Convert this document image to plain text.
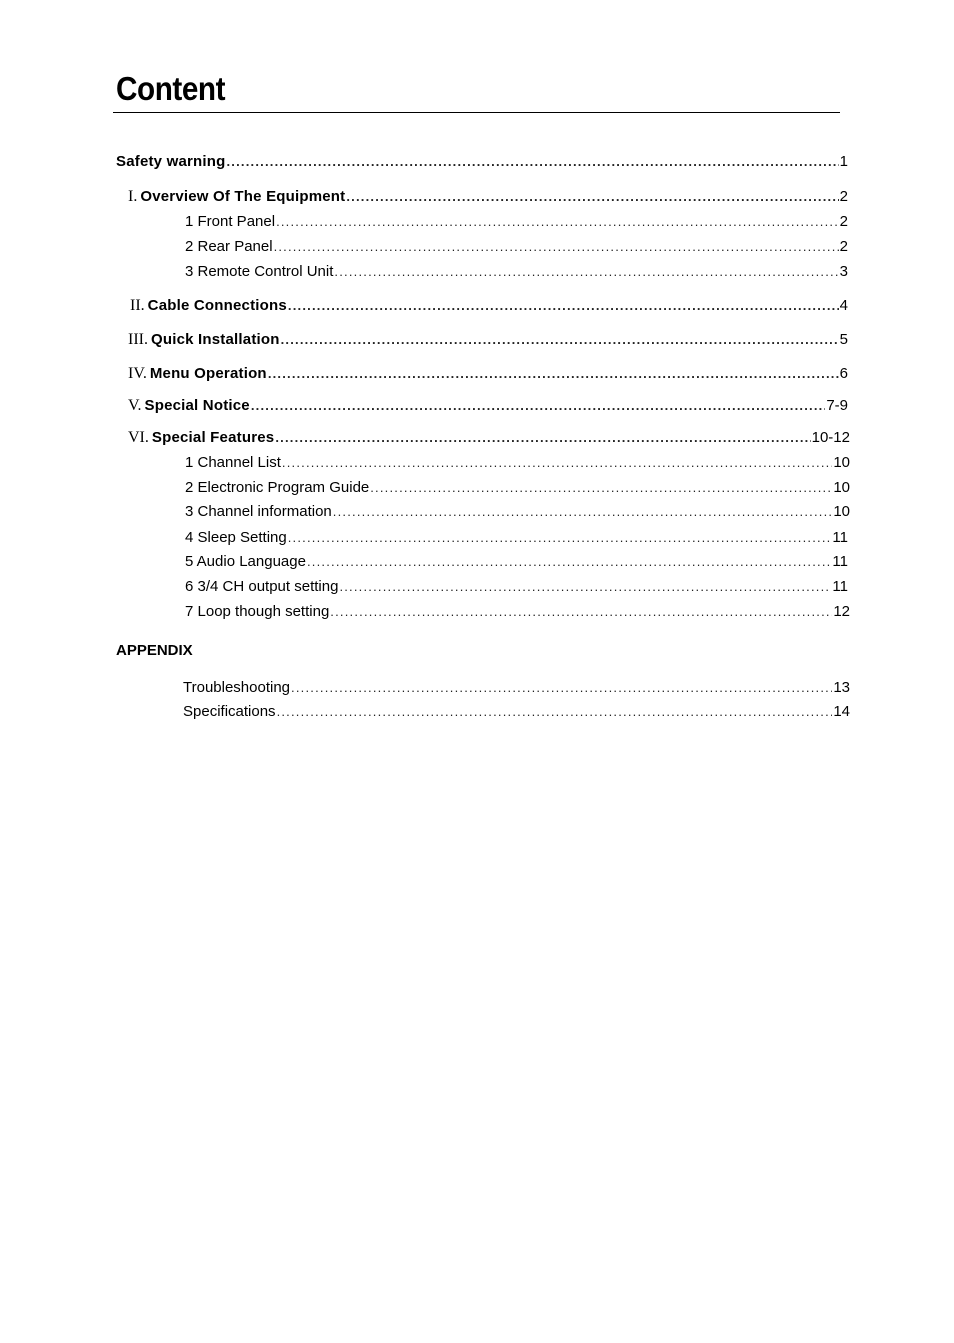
Content
Safety warning .....	1
I. Overview Of The Equipment .....	2
1 Front Panel .....	2
2 Rear Panel .....	2
3 Remote Control Unit .....	3
II. Cable Connections .....	4
III. Quick Installation .....	5
IV. Menu Operation .....	6
V. Special Notice .....	7-9
VI. Special Features .....	10-12
1 Channel List .....	10
2 Electronic Program Guide .....	10
3 Channel information .....	10
4 Sleep Setting .....	11
5 Audio Language .....	11
6 3/4 CH output setting .....	11
7 Loop though setting .....	12
APPENDIX
Troubleshooting .....	13
Specifications .....	14
